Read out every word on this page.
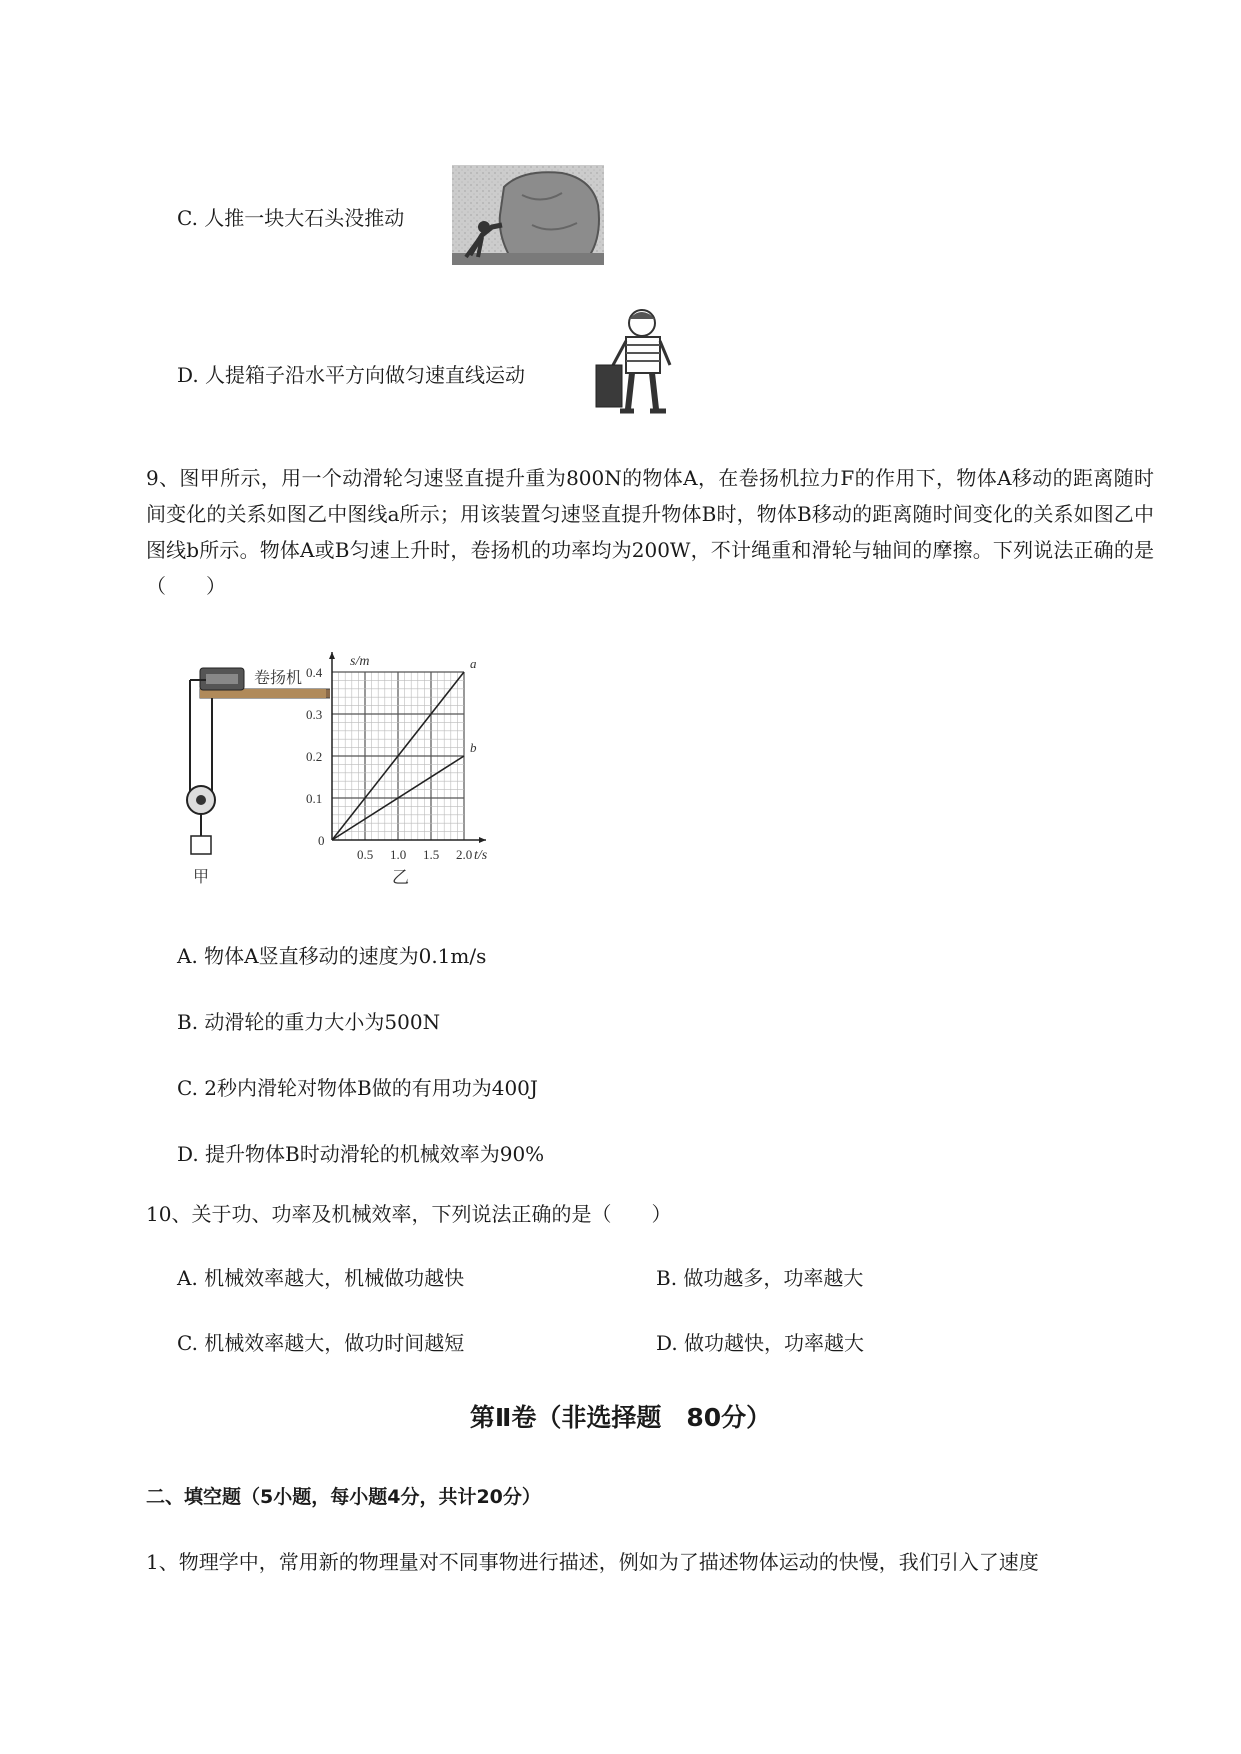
C. 人推一块大石头没推动
D. 人提箱子沿水平方向做匀速直线运动
9、图甲所示，用一个动滑轮匀速竖直提升重为800N的物体A，在卷扬机拉力F的作用下，物体A移动的距离随时间变化的关系如图乙中图线a所示；用该装置匀速竖直提升物体B时，物体B移动的距离随时间变化的关系如图乙中图线b所示。物体A或B匀速上升时，卷扬机的功率均为200W，不计绳重和滑轮与轴间的摩擦。下列说法正确的是（　　）
卷扬机
甲
a
b
0.5 1.0 1.5 2.0
0.1
0.2
0.3
0.4
s/m
t/s
0
乙
A. 物体A竖直移动的速度为0.1m/s
B. 动滑轮的重力大小为500N
C. 2秒内滑轮对物体B做的有用功为400J
D. 提升物体B时动滑轮的机械效率为90%
10、关于功、功率及机械效率，下列说法正确的是（　　）
A. 机械效率越大，机械做功越快	B. 做功越多，功率越大
C. 机械效率越大，做功时间越短	D. 做功越快，功率越大
第Ⅱ卷（非选择题　80分）
二、填空题（5小题，每小题4分，共计20分）
1、物理学中，常用新的物理量对不同事物进行描述，例如为了描述物体运动的快慢，我们引入了速度
